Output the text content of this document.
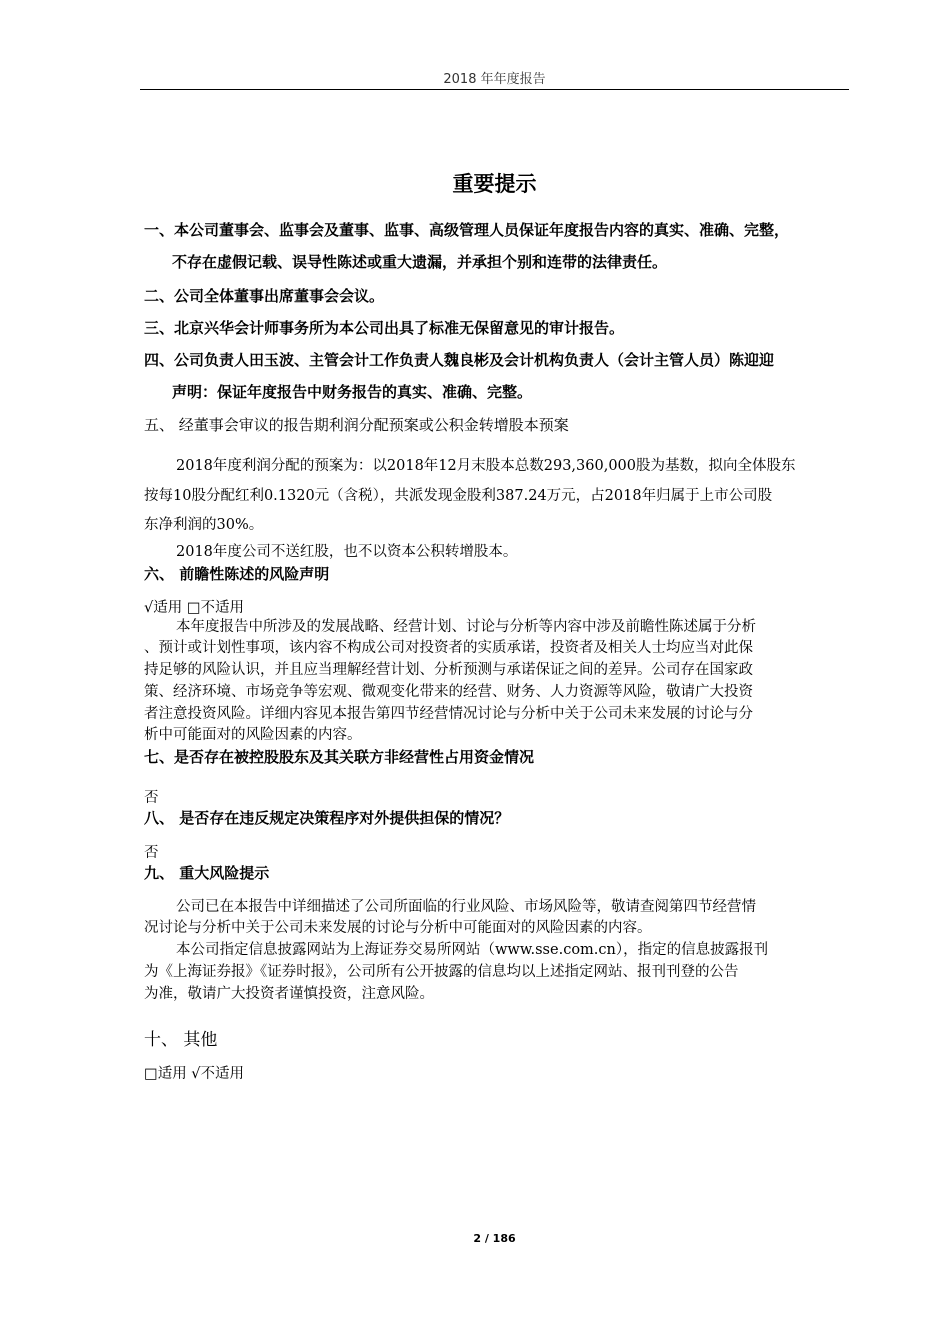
2018 年年度报告
重要提示
一、本公司董事会、监事会及董事、监事、高级管理人员保证年度报告内容的真实、准确、完整，
不存在虚假记载、误导性陈述或重大遗漏，并承担个别和连带的法律责任。
二、公司全体董事出席董事会会议。
三、北京兴华会计师事务所为本公司出具了标准无保留意见的审计报告。
四、公司负责人田玉波、主管会计工作负责人魏良彬及会计机构负责人（会计主管人员）陈迎迎
声明：保证年度报告中财务报告的真实、准确、完整。
五、 经董事会审议的报告期利润分配预案或公积金转增股本预案
2018年度利润分配的预案为：以2018年12月末股本总数293,360,000股为基数，拟向全体股东
按每10股分配红利0.1320元（含税），共派发现金股利387.24万元，占2018年归属于上市公司股
东净利润的30%。
2018年度公司不送红股，也不以资本公积转增股本。
六、 前瞻性陈述的风险声明
√适用 □不适用
本年度报告中所涉及的发展战略、经营计划、讨论与分析等内容中涉及前瞻性陈述属于分析
、预计或计划性事项，该内容不构成公司对投资者的实质承诺，投资者及相关人士均应当对此保
持足够的风险认识，并且应当理解经营计划、分析预测与承诺保证之间的差异。公司存在国家政
策、经济环境、市场竞争等宏观、微观变化带来的经营、财务、人力资源等风险，敬请广大投资
者注意投资风险。详细内容见本报告第四节经营情况讨论与分析中关于公司未来发展的讨论与分
析中可能面对的风险因素的内容。
七、是否存在被控股股东及其关联方非经营性占用资金情况
否
八、 是否存在违反规定决策程序对外提供担保的情况？
否
九、 重大风险提示
公司已在本报告中详细描述了公司所面临的行业风险、市场风险等，敬请查阅第四节经营情
况讨论与分析中关于公司未来发展的讨论与分析中可能面对的风险因素的内容。
本公司指定信息披露网站为上海证券交易所网站（www.sse.com.cn），指定的信息披露报刊
为《上海证券报》《证券时报》，公司所有公开披露的信息均以上述指定网站、报刊刊登的公告
为准，敬请广大投资者谨慎投资，注意风险。
十、 其他
□适用 √不适用
2 / 186
